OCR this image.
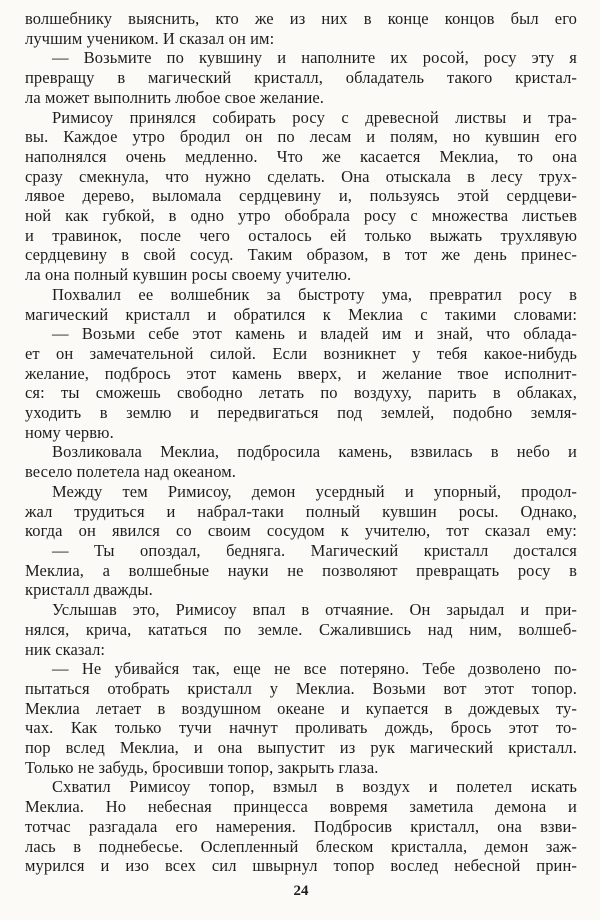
волшебнику выяснить, кто же из них в конце концов был его
лучшим учеником. И сказал он им:
— Возьмите по кувшину и наполните их росой, росу эту я
превращу в магический кристалл, обладатель такого кристал-
ла может выполнить любое свое желание.
Римисоу принялся собирать росу с древесной листвы и тра-
вы. Каждое утро бродил он по лесам и полям, но кувшин его
наполнялся очень медленно. Что же касается Меклиа, то она
сразу смекнула, что нужно сделать. Она отыскала в лесу трух-
лявое дерево, выломала сердцевину и, пользуясь этой сердцеви-
ной как губкой, в одно утро обобрала росу с множества листьев
и травинок, после чего осталось ей только выжать трухлявую
сердцевину в свой сосуд. Таким образом, в тот же день принес-
ла она полный кувшин росы своему учителю.
Похвалил ее волшебник за быстроту ума, превратил росу в
магический кристалл и обратился к Меклиа с такими словами:
— Возьми себе этот камень и владей им и знай, что облада-
ет он замечательной силой. Если возникнет у тебя какое-нибудь
желание, подбрось этот камень вверх, и желание твое исполнит-
ся: ты сможешь свободно летать по воздуху, парить в облаках,
уходить в землю и передвигаться под землей, подобно земля-
ному червю.
Возликовала Меклиа, подбросила камень, взвилась в небо и
весело полетела над океаном.
Между тем Римисоу, демон усердный и упорный, продол-
жал трудиться и набрал-таки полный кувшин росы. Однако,
когда он явился со своим сосудом к учителю, тот сказал ему:
— Ты опоздал, бедняга. Магический кристалл достался
Меклиа, а волшебные науки не позволяют превращать росу в
кристалл дважды.
Услышав это, Римисоу впал в отчаяние. Он зарыдал и при-
нялся, крича, кататься по земле. Сжалившись над ним, волшеб-
ник сказал:
— Не убивайся так, еще не все потеряно. Тебе дозволено по-
пытаться отобрать кристалл у Меклиа. Возьми вот этот топор.
Меклиа летает в воздушном океане и купается в дождевых ту-
чах. Как только тучи начнут проливать дождь, брось этот то-
пор вслед Меклиа, и она выпустит из рук магический кристалл.
Только не забудь, бросивши топор, закрыть глаза.
Схватил Римисоу топор, взмыл в воздух и полетел искать
Меклиа. Но небесная принцесса вовремя заметила демона и
тотчас разгадала его намерения. Подбросив кристалл, она взви-
лась в поднебесье. Ослепленный блеском кристалла, демон заж-
мурился и изо всех сил швырнул топор вослед небесной прин-
24
